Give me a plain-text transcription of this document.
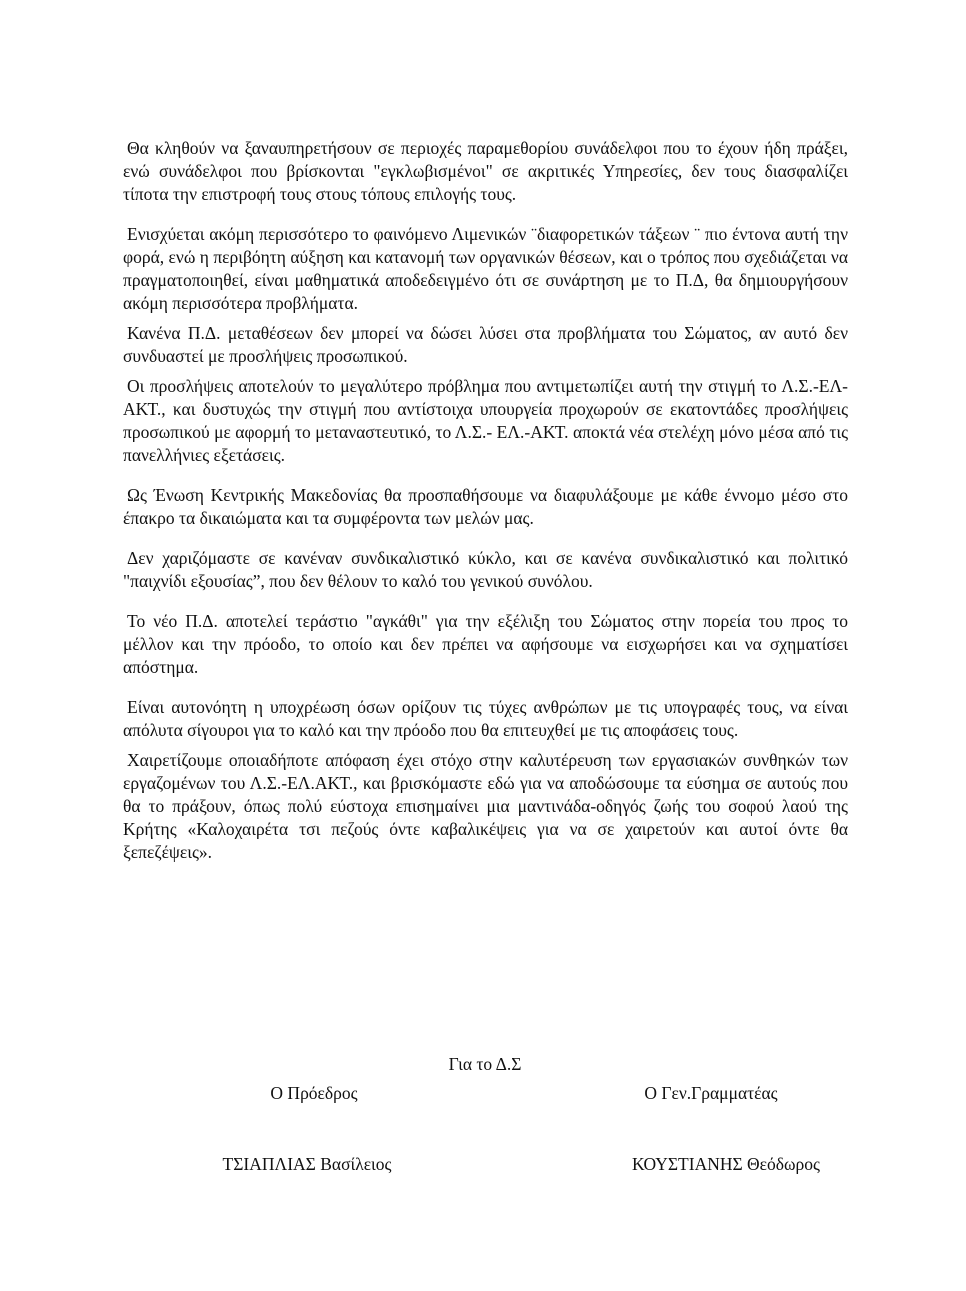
Θα κληθούν να ξαναυπηρετήσουν σε περιοχές παραμεθορίου συνάδελφοι που το έχουν ήδη πράξει, ενώ συνάδελφοι που βρίσκονται "εγκλωβισμένοι" σε ακριτικές Υπηρεσίες, δεν τους διασφαλίζει τίποτα την επιστροφή τους στους τόπους επιλογής τους.

Ενισχύεται ακόμη περισσότερο το φαινόμενο Λιμενικών ¨διαφορετικών τάξεων ¨ πιο έντονα αυτή την φορά, ενώ η περιβόητη αύξηση και κατανομή των οργανικών θέσεων, και ο τρόπος που σχεδιάζεται να πραγματοποιηθεί, είναι μαθηματικά αποδεδειγμένο ότι σε συνάρτηση με το Π.Δ, θα δημιουργήσουν ακόμη περισσότερα προβλήματα.

Κανένα Π.Δ. μεταθέσεων δεν μπορεί να δώσει λύσει στα προβλήματα του Σώματος, αν αυτό δεν συνδυαστεί με προσλήψεις προσωπικού.

Οι προσλήψεις αποτελούν το μεγαλύτερο πρόβλημα που αντιμετωπίζει αυτή την στιγμή το Λ.Σ.-ΕΛ-ΑΚΤ., και δυστυχώς την στιγμή που αντίστοιχα υπουργεία προχωρούν σε εκατοντάδες προσλήψεις προσωπικού με αφορμή το μεταναστευτικό, το Λ.Σ.- ΕΛ.-ΑΚΤ. αποκτά νέα στελέχη μόνο μέσα από τις πανελλήνιες εξετάσεις.

Ως Ένωση Κεντρικής Μακεδονίας θα προσπαθήσουμε να διαφυλάξουμε με κάθε έννομο μέσο στο έπακρο τα δικαιώματα και τα συμφέροντα των μελών μας.

Δεν χαριζόμαστε σε κανέναν συνδικαλιστικό κύκλο, και σε κανένα συνδικαλιστικό και πολιτικό "παιχνίδι εξουσίας”, που δεν θέλουν το καλό του γενικού συνόλου.

Το νέο Π.Δ. αποτελεί τεράστιο "αγκάθι" για την εξέλιξη του Σώματος στην πορεία του προς το μέλλον και την πρόοδο, το οποίο και δεν πρέπει να αφήσουμε να εισχωρήσει και να σχηματίσει απόστημα.

Είναι αυτονόητη η υποχρέωση όσων ορίζουν τις τύχες ανθρώπων με τις υπογραφές τους, να είναι απόλυτα σίγουροι για το καλό και την πρόοδο που θα επιτευχθεί με τις αποφάσεις τους.

Χαιρετίζουμε οποιαδήποτε απόφαση έχει στόχο στην καλυτέρευση των εργασιακών συνθηκών των εργαζομένων του Λ.Σ.-ΕΛ.ΑΚΤ., και βρισκόμαστε εδώ για να αποδώσουμε τα εύσημα σε αυτούς που θα το πράξουν, όπως πολύ εύστοχα επισημαίνει μια μαντινάδα-οδηγός ζωής του σοφού λαού της Κρήτης «Καλοχαιρέτα τσι πεζούς όντε καβαλικέψεις για να σε χαιρετούν και αυτοί όντε θα ξεπεζέψεις».

Για το Δ.Σ
Ο Πρόεδρος	Ο Γεν.Γραμματέας
ΤΣΙΑΠΛΙΑΣ Βασίλειος	ΚΟΥΣΤΙΑΝΗΣ Θεόδωρος
